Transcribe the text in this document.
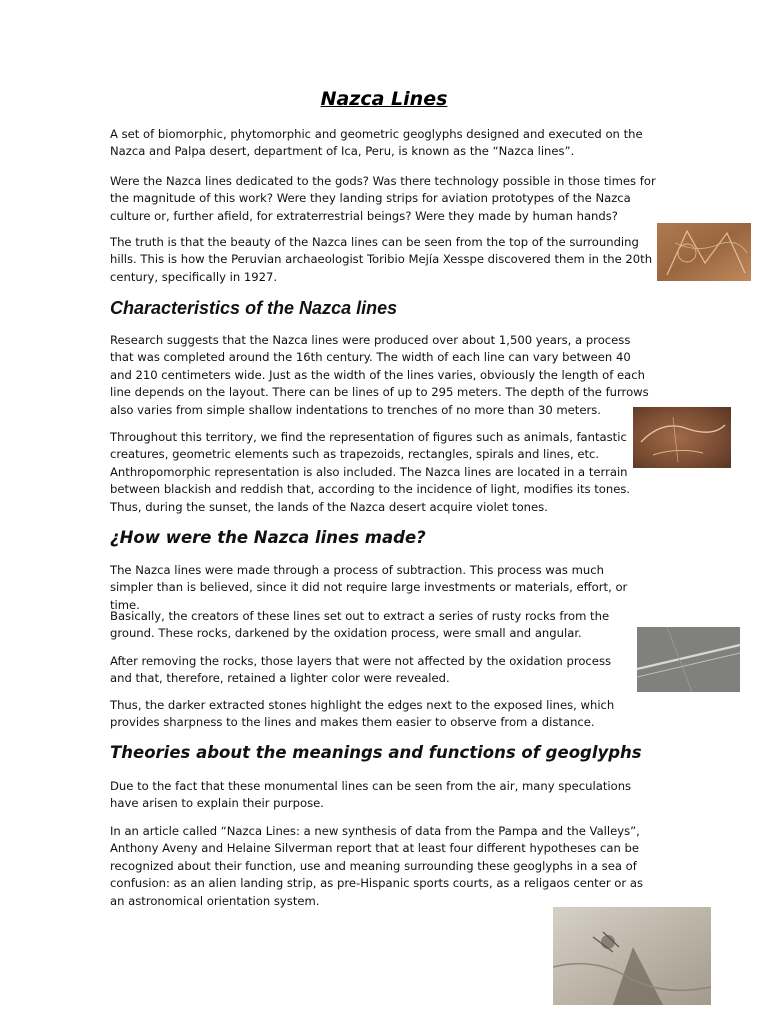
Nazca Lines

A set of biomorphic, phytomorphic and geometric geoglyphs designed and executed on the Nazca and Palpa desert, department of Ica, Peru, is known as the “Nazca lines”.

Were the Nazca lines dedicated to the gods? Was there technology possible in those times for the magnitude of this work? Were they landing strips for aviation prototypes of the Nazca culture or, further afield, for extraterrestrial beings? Were they made by human hands?

The truth is that the beauty of the Nazca lines can be seen from the top of the surrounding hills. This is how the Peruvian archaeologist Toribio Mejía Xesspe discovered them in the 20th century, specifically in 1927.

Characteristics of the Nazca lines

Research suggests that the Nazca lines were produced over about 1,500 years, a process that was completed around the 16th century. The width of each line can vary between 40 and 210 centimeters wide. Just as the width of the lines varies, obviously the length of each line depends on the layout. There can be lines of up to 295 meters. The depth of the furrows also varies from simple shallow indentations to trenches of no more than 30 meters.

Throughout this territory, we find the representation of figures such as animals, fantastic creatures, geometric elements such as trapezoids, rectangles, spirals and lines, etc. Anthropomorphic representation is also included. The Nazca lines are located in a terrain between blackish and reddish that, according to the incidence of light, modifies its tones. Thus, during the sunset, the lands of the Nazca desert acquire violet tones.

¿How were the Nazca lines made?

The Nazca lines were made through a process of subtraction. This process was much simpler than is believed, since it did not require large investments or materials, effort, or time.

Basically, the creators of these lines set out to extract a series of rusty rocks from the ground. These rocks, darkened by the oxidation process, were small and angular.

After removing the rocks, those layers that were not affected by the oxidation process and that, therefore, retained a lighter color were revealed.

Thus, the darker extracted stones highlight the edges next to the exposed lines, which provides sharpness to the lines and makes them easier to observe from a distance.

Theories about the meanings and functions of geoglyphs

Due to the fact that these monumental lines can be seen from the air, many speculations have arisen to explain their purpose.

In an article called “Nazca Lines: a new synthesis of data from the Pampa and the Valleys”, Anthony Aveny and Helaine Silverman report that at least four different hypotheses can be recognized about their function, use and meaning surrounding these geoglyphs in a sea of confusion: as an alien landing strip, as pre-Hispanic sports courts, as a religaos center or as an astronomical orientation system.
